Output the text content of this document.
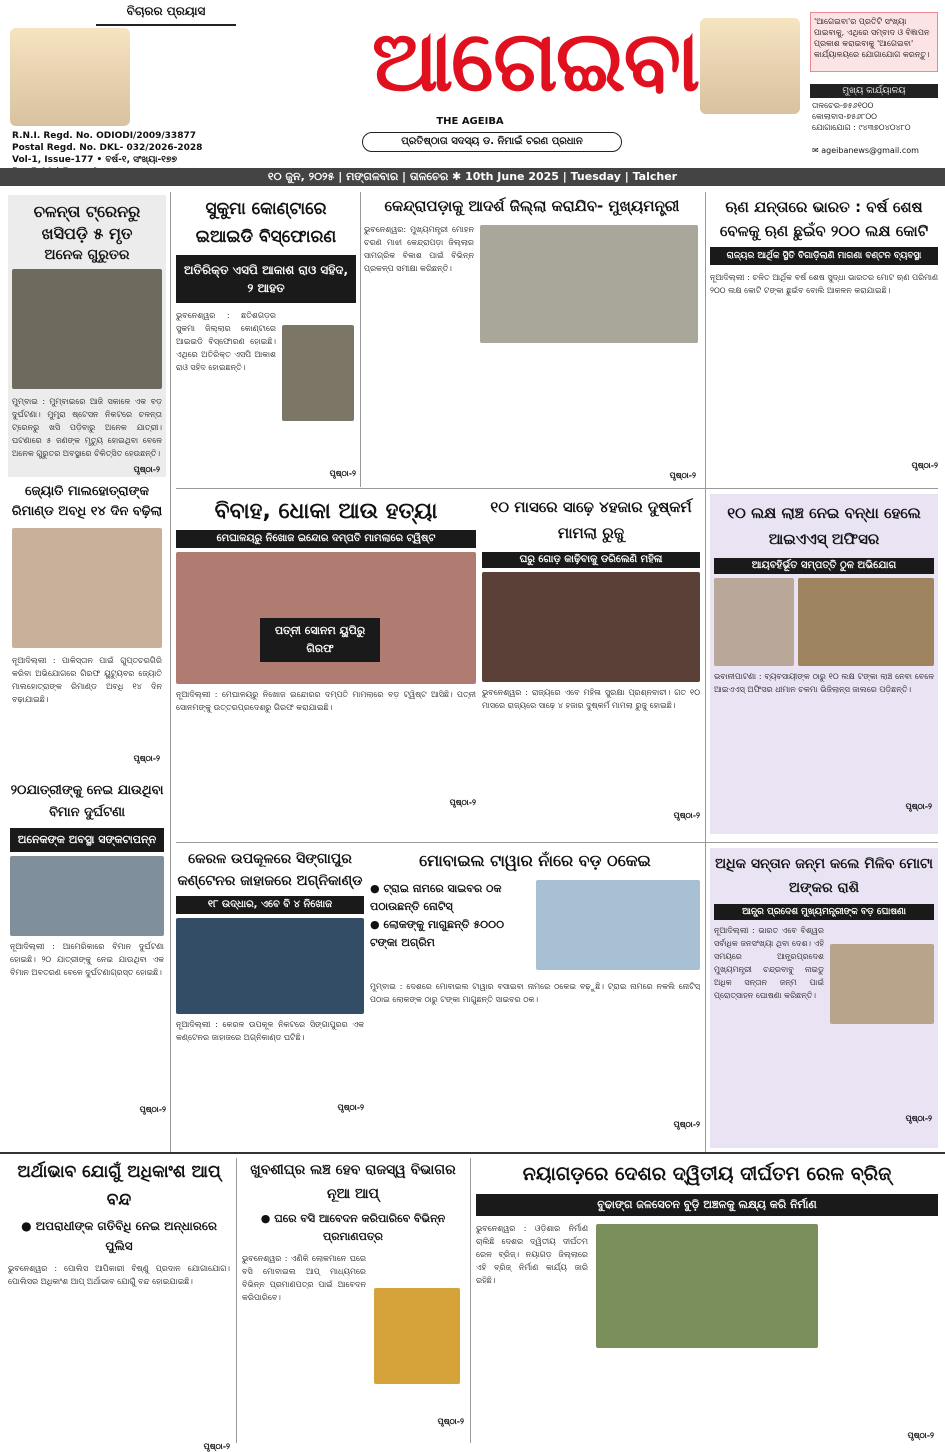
ବିଚାରର ପ୍ରୟାସ
ଆଗେଇବା
THE AGEIBA
ପ୍ରତିଷ୍ଠାତା ସଦସ୍ୟ ଡ. ନିମାଇଁ ଚରଣ ପ୍ରଧାନ
R.N.I. Regd. No. ODIODI/2009/33877
Postal Regd. No. DKL- 032/2026-2028
Vol-1, Issue-177 • ବର୍ଷ-୧, ସଂଖ୍ୟା-୧୭୭
'ଆଗେଇବା'ର ପ୍ରତିଟି ସଂଖ୍ୟା ପାଇବାକୁ, ଏଥିରେ ସମ୍ବାଦ ଓ ବିଜ୍ଞାପନ ପ୍ରକାଶ କରାଇବାକୁ 'ଆଗେଇବା' କାର୍ଯ୍ୟାଳୟରେ ଯୋଗାଯୋଗ କରନ୍ତୁ।
ମୁଖ୍ୟ କାର୍ଯ୍ୟାଳୟ
ତାଳଚେର-୭୫୬୧୦୦
କୋଲାବାସ-୭୫୬୮୦୦
ଯୋଗାଯୋଗ : ୯୪୩୭୦୪୦୪୮୦
✉ ageibanews@gmail.com
୧୦ ଜୁନ, ୨୦୨୫ | ମଙ୍ଗଳବାର | ତାଳଚେର ✱ 10th June 2025 | Tuesday | Talcher
ଚଳନ୍ତା ଟ୍ରେନରୁ ଖସିପଡ଼ି ୫ ମୃତ
ଅନେକ ଗୁରୁତର
ମୁମ୍ବାଇ : ମୁମ୍ବାଇରେ ଆଜି ସକାଳେ ଏକ ବଡ଼ ଦୁର୍ଘଟଣା। ମୁମ୍ବ୍ରା ଷ୍ଟେସନ ନିକଟରେ ଚଳନ୍ତା ଟ୍ରେନରୁ ଖସି ପଡ଼ିବାରୁ ଅନେକ ଯାତ୍ରୀ। ଘଟଣାରେ ୫ ଜଣଙ୍କ ମୃତ୍ୟୁ ହୋଇଥିବା ବେଳେ ଅନେକ ଗୁରୁତର ଅବସ୍ଥାରେ ଚିକିତ୍ସିତ ହେଉଛନ୍ତି।
ପୃଷ୍ଠା-୨
ସୁକୁମା କୋଣ୍ଟାରେ ଇଆଇଡି ବିସ୍ଫୋରଣ
ଅତିରିକ୍ତ ଏସପି ଆକାଶ ରାଓ ସହିଦ, ୨ ଆହତ
ଭୁବନେଶ୍ୱର : ଛତିଶଗଡ଼ର ସୁକମା ଜିଲ୍ଲାର କୋଣ୍ଟାରେ ଆଇଇଡି ବିସ୍ଫୋରଣ ହୋଇଛି। ଏଥିରେ ଅତିରିକ୍ତ ଏସପି ଆକାଶ ରାଓ ସହିଦ ହୋଇଛନ୍ତି।
ପୃଷ୍ଠା-୨
କେନ୍ଦ୍ରାପଡ଼ାକୁ ଆଦର୍ଶ ଜିଲ୍ଲା କରାଯିବ- ମୁଖ୍ୟମନ୍ତ୍ରୀ
ଭୁବନେଶ୍ୱର: ମୁଖ୍ୟମନ୍ତ୍ରୀ ମୋହନ ଚରଣ ମାଝୀ କେନ୍ଦ୍ରାପଡ଼ା ଜିଲ୍ଲାର ସାମଗ୍ରିକ ବିକାଶ ପାଇଁ ବିଭିନ୍ନ ପ୍ରକଳ୍ପ ସମୀକ୍ଷା କରିଛନ୍ତି।
ପୃଷ୍ଠା-୨
ଋଣ ଯନ୍ତାରେ ଭାରତ : ବର୍ଷ ଶେଷ ବେଳକୁ ଋଣ ଛୁଇଁବ ୨୦୦ ଲକ୍ଷ କୋଟି
ରାଜ୍ୟର ଆର୍ଥିକ ସ୍ଥିତି ବିଗାଡ଼ିଲାଣି ମାଗଣା ବଣ୍ଟନ ବ୍ୟବସ୍ଥା
ନୂଆଦିଲ୍ଲୀ : ଚଳିତ ଆର୍ଥିକ ବର୍ଷ ଶେଷ ସୁଦ୍ଧା ଭାରତର ମୋଟ ଋଣ ପରିମାଣ ୨୦୦ ଲକ୍ଷ କୋଟି ଟଙ୍କା ଛୁଇଁବ ବୋଲି ଆକଳନ କରାଯାଇଛି।
ପୃଷ୍ଠା-୨
ଜ୍ୟୋତି ମାଲହୋତ୍ରାଙ୍କ ରିମାଣ୍ଡ ଅବଧି ୧୪ ଦିନ ବଢ଼ିଲା
ନୂଆଦିଲ୍ଲୀ : ପାକିସ୍ତାନ ପାଇଁ ଗୁପ୍ତଚରଗିରି କରିବା ଅଭିଯୋଗରେ ଗିରଫ ୟୁଟ୍ୟୁବର ଜ୍ୟୋତି ମାଲହୋତ୍ରାଙ୍କ ରିମାଣ୍ଡ ଅବଧି ୧୪ ଦିନ ବଢ଼ାଯାଇଛି।
ପୃଷ୍ଠା-୨
ବିବାହ, ଧୋକା ଆଉ ହତ୍ୟା
ମେଘାଳୟରୁ ନିଖୋଜ ଇନ୍ଦୋର ଦମ୍ପତି ମାମଲାରେ ଟ୍ୱିଷ୍ଟ
ପତ୍ନୀ ସୋନମ ୟୁପିରୁ ଗିରଫ
ନୂଆଦିଲ୍ଲୀ : ମେଘାଳୟରୁ ନିଖୋଜ ଇନ୍ଦୋରର ଦମ୍ପତି ମାମଲାରେ ବଡ଼ ଟ୍ୱିଷ୍ଟ ଆସିଛି। ପତ୍ନୀ ସୋନମଙ୍କୁ ଉତ୍ତରପ୍ରଦେଶରୁ ଗିରଫ କରାଯାଇଛି।
ପୃଷ୍ଠା-୨
୧୦ ମାସରେ ସାଢ଼େ ୪ହଜାର ଦୁଷ୍କର୍ମ ମାମଲା ରୁଜୁ
ଘରୁ ଗୋଡ଼ କାଢ଼ିବାକୁ ଡରିଲେଣି ମହିଳା
ଭୁବନେଶ୍ୱର : ରାଜ୍ୟରେ ଏବେ ମହିଳା ସୁରକ୍ଷା ପ୍ରଶ୍ନବାଚୀ। ଗତ ୧୦ ମାସରେ ରାଜ୍ୟରେ ସାଢ଼େ ୪ ହଜାର ଦୁଷ୍କର୍ମ ମାମଲା ରୁଜୁ ହୋଇଛି।
ପୃଷ୍ଠା-୨
୧୦ ଲକ୍ଷ ଲାଞ୍ଚ ନେଇ ବନ୍ଧା ହେଲେ ଆଇଏଏସ୍ ଅଫିସର
ଆୟବହିର୍ଭୂତ ସମ୍ପତ୍ତି ଠୁଳ ଅଭିଯୋଗ
ଭବାନୀପାଟଣା : ବ୍ୟବସାୟୀଙ୍କ ଠାରୁ ୧୦ ଲକ୍ଷ ଟଙ୍କା ଲାଞ୍ଚ ନେବା ବେଳେ ଆଇଏଏସ୍ ଅଫିସର ଧୀମାନ ଚକମା ଭିଜିଲାନ୍ସ ଜାଲରେ ପଡ଼ିଛନ୍ତି।
ପୃଷ୍ଠା-୨
୨୦ଯାତ୍ରୀଙ୍କୁ ନେଇ ଯାଉଥିବା ବିମାନ ଦୁର୍ଘଟଣା
ଅନେକଙ୍କ ଅବସ୍ଥା ସଙ୍କଟାପନ୍ନ
ନୂଆଦିଲ୍ଲୀ : ଆମେରିକାରେ ବିମାନ ଦୁର୍ଘଟଣା ହୋଇଛି। ୨୦ ଯାତ୍ରୀଙ୍କୁ ନେଇ ଯାଉଥିବା ଏକ ବିମାନ ଅବତରଣ ବେଳେ ଦୁର୍ଘଟଣାଗ୍ରସ୍ତ ହୋଇଛି।
ପୃଷ୍ଠା-୨
କେରଳ ଉପକୂଳରେ ସିଙ୍ଗାପୁର କଣ୍ଟେନର ଜାହାଜରେ ଅଗ୍ନିକାଣ୍ଡ
୧୮ ଉଦ୍ଧାର, ଏବେ ବି ୪ ନିଖୋଜ
ନୂଆଦିଲ୍ଲୀ : କେରଳ ଉପକୂଳ ନିକଟରେ ସିଙ୍ଗାପୁରର ଏକ କଣ୍ଟେନର ଜାହାଜରେ ଅଗ୍ନିକାଣ୍ଡ ଘଟିଛି।
ପୃଷ୍ଠା-୨
ମୋବାଇଲ ଟାୱାର ନାଁରେ ବଡ଼ ଠକେଇ
● ଟ୍ରାଇ ନାମରେ ସାଇବର ଠକ ପଠାଉଛନ୍ତି ନୋଟିସ୍
● ଲୋକଙ୍କୁ ମାଗୁଛନ୍ତି ୫୦୦୦ ଟଙ୍କା ଅଗ୍ରିମ
ମୁମ୍ବାଇ : ଦେଶରେ ମୋବାଇଲ ଟାୱାର ବସାଇବା ନାମରେ ଠକେଇ ବଢ଼ୁଛି। ଟ୍ରାଇ ନାମରେ ନକଲି ନୋଟିସ୍ ପଠାଇ ଲୋକଙ୍କ ଠାରୁ ଟଙ୍କା ମାଗୁଛନ୍ତି ସାଇବର ଠକ।
ପୃଷ୍ଠା-୨
ଅଧିକ ସନ୍ତାନ ଜନ୍ମ କଲେ ମିଳିବ ମୋଟା ଅଙ୍କର ରାଶି
ଆନ୍ଧ୍ର ପ୍ରଦେଶ ମୁଖ୍ୟମନ୍ତ୍ରୀଙ୍କ ବଡ଼ ଘୋଷଣା
ନୂଆଦିଲ୍ଲୀ : ଭାରତ ଏବେ ବିଶ୍ୱର ସର୍ବାଧିକ ଜନସଂଖ୍ୟା ଥିବା ଦେଶ। ଏହି ସମୟରେ ଆନ୍ଧ୍ରପ୍ରଦେଶ ମୁଖ୍ୟମନ୍ତ୍ରୀ ଚନ୍ଦ୍ରବାବୁ ନାଇଡୁ ଅଧିକ ସନ୍ତାନ ଜନ୍ମ ପାଇଁ ପ୍ରୋତ୍ସାହନ ଘୋଷଣା କରିଛନ୍ତି।
ପୃଷ୍ଠା-୨
ଅର୍ଥାଭାବ ଯୋଗୁଁ ଅଧିକାଂଶ ଆପ୍ ବନ୍ଦ
● ଅପରାଧୀଙ୍କ ଗତିବିଧି ନେଇ ଅନ୍ଧାରରେ ପୁଲିସ
ଭୁବନେଶ୍ୱର : ପୋଲିସ ଆପିକାରୀ ବିଷ୍ଣୁ ପ୍ରଦାନ ଯୋଗାଯୋଗ। ପୋଲିସର ଅଧିକାଂଶ ଆପ୍ ଅର୍ଥାଭାବ ଯୋଗୁଁ ବନ୍ଦ ହୋଇଯାଇଛି।
ପୃଷ୍ଠା-୨
ଖୁବଶୀଘ୍ର ଲଞ୍ଚ ହେବ ରାଜସ୍ୱ ବିଭାଗର ନୂଆ ଆପ୍
● ଘରେ ବସି ଆବେଦନ କରିପାରିବେ ବିଭିନ୍ନ ପ୍ରମାଣପତ୍ର
ଭୁବନେଶ୍ୱର : ଏଣିକି ଲୋକମାନେ ଘରେ ବସି ମୋବାଇଲ ଆପ୍ ମାଧ୍ୟମରେ ବିଭିନ୍ନ ପ୍ରମାଣପତ୍ର ପାଇଁ ଆବେଦନ କରିପାରିବେ।
ପୃଷ୍ଠା-୨
ନୟାଗଡ଼ରେ ଦେଶର ଦ୍ୱିତୀୟ ଦୀର୍ଘତମ ରେଳ ବ୍ରିଜ୍
ବୁଢାଙ୍ଗ ଜଳସେଚନ ବୁଡ଼ି ଅଞ୍ଚଳକୁ ଲକ୍ଷ୍ୟ କରି ନିର୍ମାଣ
ଭୁବନେଶ୍ୱର : ଓଡ଼ିଶାର ନିର୍ମାଣ ଚାଲିଛି ଦେଶର ଦ୍ୱିତୀୟ ଦୀର୍ଘତମ ରେଳ ବ୍ରିଜ୍। ନୟାଗଡ଼ ଜିଲ୍ଲାରେ ଏହି ବ୍ରିଜ୍ ନିର୍ମାଣ କାର୍ଯ୍ୟ ଜାରି ରହିଛି।
ପୃଷ୍ଠା-୨
